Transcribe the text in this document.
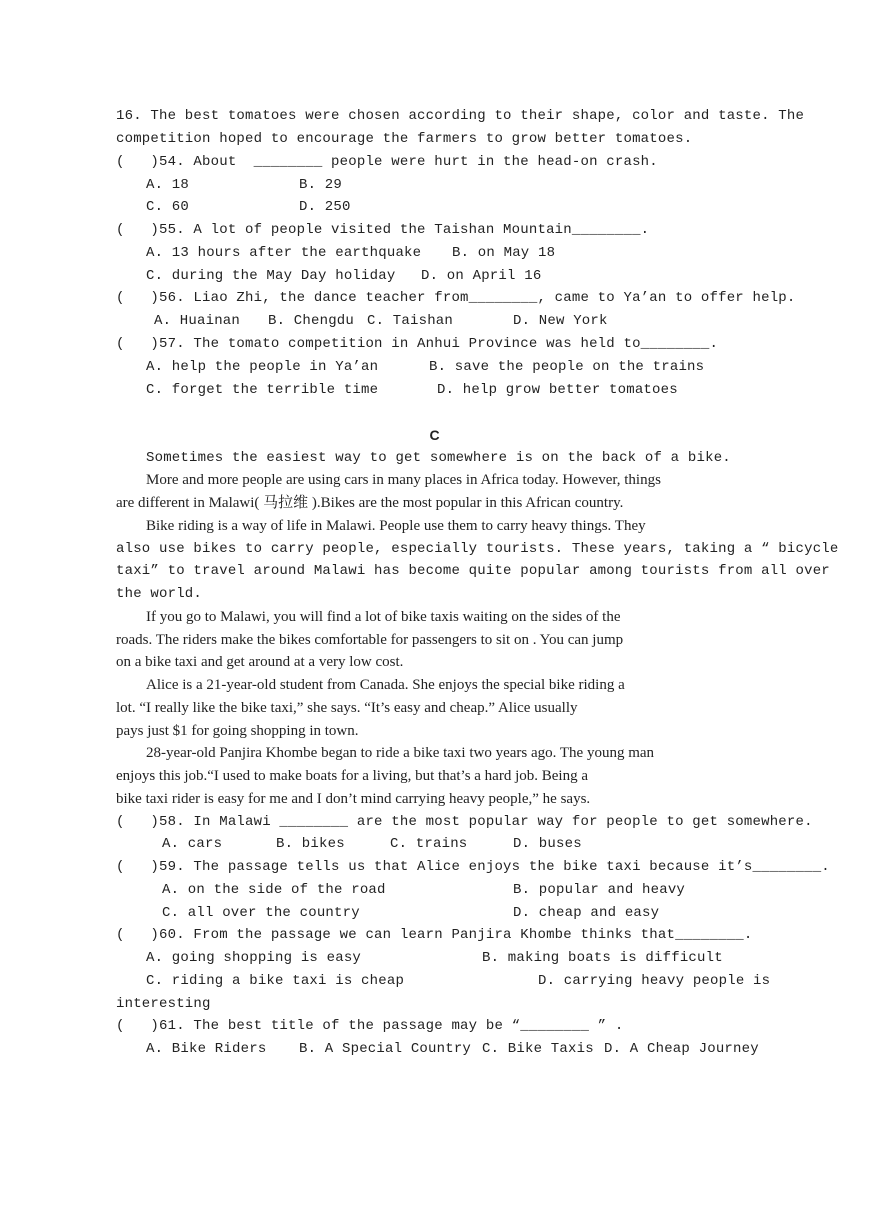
16. The best tomatoes were chosen according to their shape, color and taste. The
competition hoped to encourage the farmers to grow better tomatoes.
(   )54. About  ________ people were hurt in the head-on crash.
A. 18	B. 29
C. 60	D. 250
(   )55. A lot of people visited the Taishan Mountain________.
A. 13 hours after the earthquake B. on May 18
C. during the May Day holiday D. on April 16
(   )56. Liao Zhi, the dance teacher from________, came to Ya’an to offer help.
A. Huainan B. Chengdu C. Taishan	D. New York
(   )57. The tomato competition in Anhui Province was held to________.
A. help the people in Ya’an	B. save the people on the trains
C. forget the terrible time	D. help grow better tomatoes
C
Sometimes the easiest way to get somewhere is on the back of a bike.
More and more people are using cars in many places in Africa today. However, things
are different in Malawi( 马拉维 ).Bikes are the most popular in this African country.
Bike riding is a way of life in Malawi. People use them to carry heavy things. They
also use bikes to carry people, especially tourists. These years, taking a “ bicycle
taxi” to travel around Malawi has become quite popular among tourists from all over
the world.
If you go to Malawi, you will find a lot of bike taxis waiting on the sides of the
roads. The riders make the bikes comfortable for passengers to sit on . You can jump
on a bike taxi and get around at a very low cost.
Alice is a 21-year-old student from Canada. She enjoys the special bike riding a
lot. “I really like the bike taxi,” she says. “It’s easy and cheap.” Alice usually
pays just $1 for going shopping in town.
28-year-old Panjira Khombe began to ride a bike taxi two years ago. The young man
enjoys this job.“I used to make boats for a living, but that’s a hard job. Being a
bike taxi rider is easy for me and I don’t mind carrying heavy people,” he says.
(   )58. In Malawi ________ are the most popular way for people to get somewhere.
A. cars	B. bikes	C. trains	D. buses
(   )59. The passage tells us that Alice enjoys the bike taxi because it’s________.
A. on the side of the road	B. popular and heavy
C. all over the country	D. cheap and easy
(   )60. From the passage we can learn Panjira Khombe thinks that________.
A. going shopping is easy	B. making boats is difficult
C. riding a bike taxi is cheap	D. carrying heavy people is
interesting
(   )61. The best title of the passage may be “________ ” .
A. Bike Riders B. A Special Country C. Bike Taxis D. A Cheap Journey
